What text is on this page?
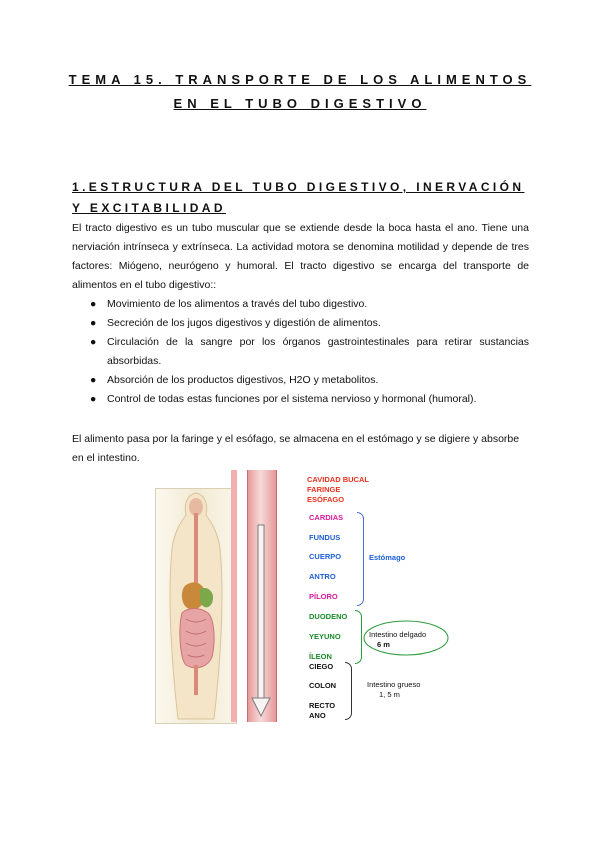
TEMA 15. TRANSPORTE DE LOS ALIMENTOS
EN EL TUBO DIGESTIVO
1.ESTRUCTURA DEL TUBO DIGESTIVO, INERVACIÓN Y EXCITABILIDAD
El tracto digestivo es un tubo muscular que se extiende desde la boca hasta el ano. Tiene una nerviación intrínseca y extrínseca. La actividad motora se denomina motilidad y depende de tres factores: Miógeno, neurógeno y humoral. El tracto digestivo se encarga del transporte de alimentos en el tubo digestivo::
● Movimiento de los alimentos a través del tubo digestivo.
● Secreción de los jugos digestivos y digestión de alimentos.
● Circulación de la sangre por los órganos gastrointestinales para retirar sustancias absorbidas.
● Absorción de los productos digestivos, H2O y metabolitos.
● Control de todas estas funciones por el sistema nervioso y hormonal (humoral).
El alimento pasa por la faringe y el esófago, se almacena en el estómago y se digiere y absorbe en el intestino.
CAVIDAD BUCAL
FARINGE
ESÓFAGO
CARDIAS
FUNDUS
CUERPO
ANTRO
PÍLORO
Estómago
DUODENO
YEYUNO
ÍLEON
Intestino delgado
6 m
CIEGO
COLON
RECTO
ANO
Intestino grueso
1, 5 m
